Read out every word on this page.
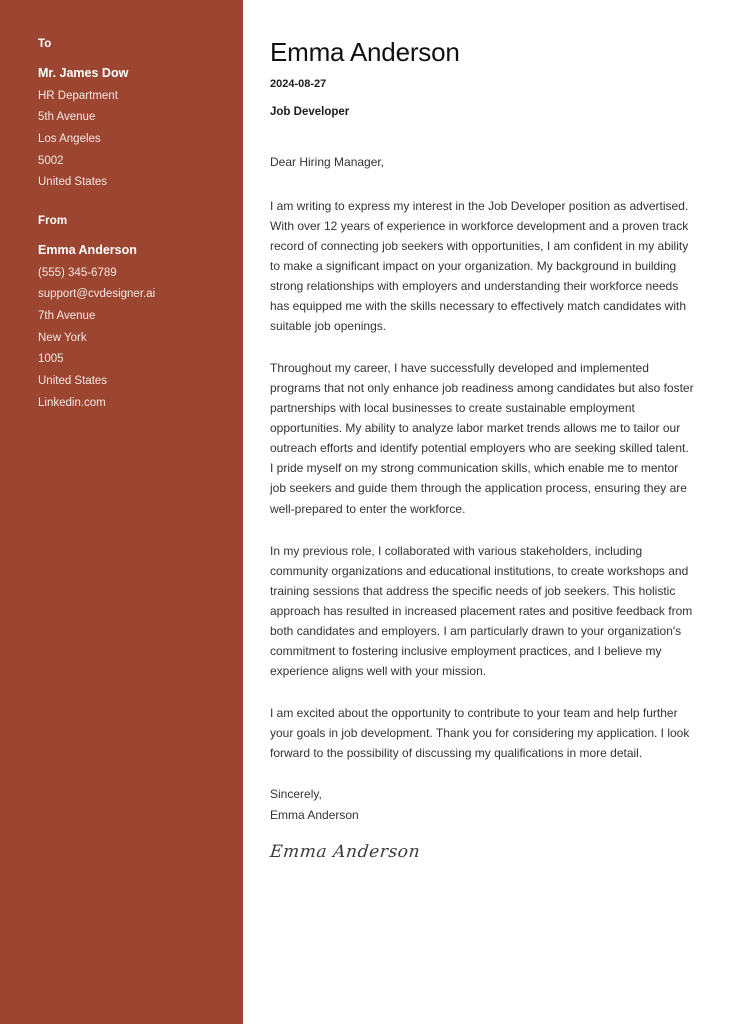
To
Mr. James Dow
HR Department
5th Avenue
Los Angeles
5002
United States
From
Emma Anderson
(555) 345-6789
support@cvdesigner.ai
7th Avenue
New York
1005
United States
Linkedin.com
Emma Anderson
2024-08-27
Job Developer

Dear Hiring Manager,

I am writing to express my interest in the Job Developer position as advertised. With over 12 years of experience in workforce development and a proven track record of connecting job seekers with opportunities, I am confident in my ability to make a significant impact on your organization. My background in building strong relationships with employers and understanding their workforce needs has equipped me with the skills necessary to effectively match candidates with suitable job openings.

Throughout my career, I have successfully developed and implemented programs that not only enhance job readiness among candidates but also foster partnerships with local businesses to create sustainable employment opportunities. My ability to analyze labor market trends allows me to tailor our outreach efforts and identify potential employers who are seeking skilled talent. I pride myself on my strong communication skills, which enable me to mentor job seekers and guide them through the application process, ensuring they are well-prepared to enter the workforce.

In my previous role, I collaborated with various stakeholders, including community organizations and educational institutions, to create workshops and training sessions that address the specific needs of job seekers. This holistic approach has resulted in increased placement rates and positive feedback from both candidates and employers. I am particularly drawn to your organization's commitment to fostering inclusive employment practices, and I believe my experience aligns well with your mission.

I am excited about the opportunity to contribute to your team and help further your goals in job development. Thank you for considering my application. I look forward to the possibility of discussing my qualifications in more detail.

Sincerely,
Emma Anderson
Emma Anderson
